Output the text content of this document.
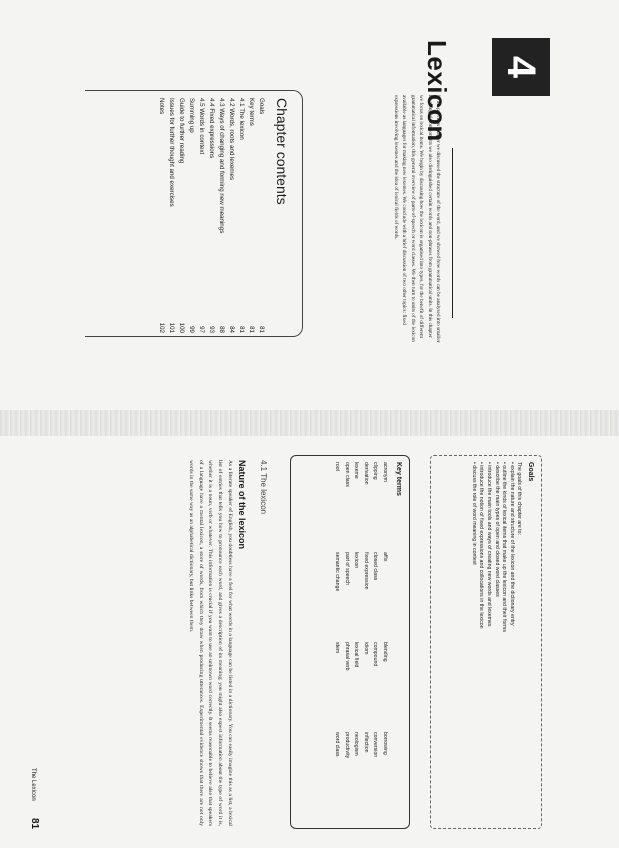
4
Lexicon
In the previous chapter we discussed the structure of the word, and we showed how words can be analysed into smaller meaningful components we also distinguished certain words and non-phrases from grammatical units. In this chapter we focus on lexical items. We begin by discussing how the lexicon is organised into types, for the benefit of different grammatical information, this general overview of parts-of-speech or word classes. We then turn to units of the lexicon available as languages for making new lexemes. We conclude with a brief discussion of two other topics: fixed expressions involving lexemes and the idea of lexical fields of words.
Chapter contents
Goals
81
Key terms
81
4.1 The lexicon
81
4.2 Words, roots and lexemes
84
4.3 Ways of changing and forming new meanings
88
4.4 Fixed expressions
93
4.5 Words in context
97
Summing up
99
Guide to further reading
100
Issues for further thought and exercises
101
Notes
102
Goals
The goals of this chapter are to:
• explain the nature and structure of the lexicon and the dictionary entry
• outline the kinds of lexical items that make up the lexicon and their forms
• describe the main types of open and closed word classes
• introduce the main tools and ways of creating new words and lexemes
• introduce the notion of fixed expressions and collocations in the lexicon
• discuss the role of word meaning in context
Key terms
acronym
affix
blending
borrowing
clipping
closed class
compound
conversion
derivation
fixed expression
idiom
inflection
lexeme
lexicon
lexical field
neologism
open class
part of speech
phrasal verb
productivity
root
semantic change
stem
word class
4.1 The lexicon
Nature of the lexicon
As a literate speaker of English, you doubtless have a feel for what words in a language can be listed in a dictionary. You can easily imagine this as a list, a lexical list of entries that tells you how to pronounce each word, and gives a description of its meaning; you might also expect information about the type of word it is, whether it is a noun, verb or whatever. This information is crucial if you want to use an unknown word correctly. It seems reasonable to believe also that speakers of a language have a mental lexicon, a store of words, from which they draw when producing utterances. Experimental evidence shows that there are not only words in the same way as an alphabetical dictionary, but links between them.
The Lexicon
81
